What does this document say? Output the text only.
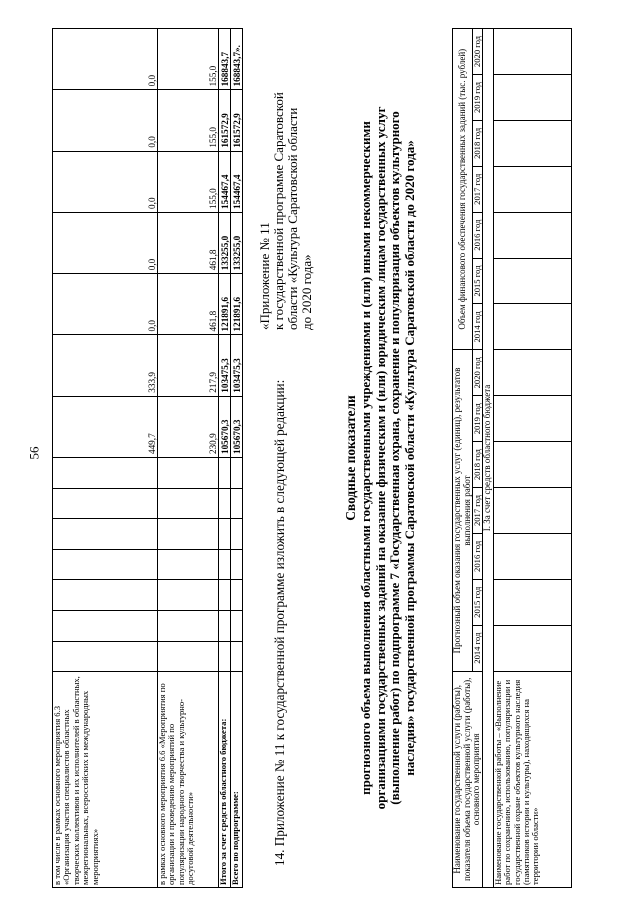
56
в том числе в рамках основного мероприятия 6.3 «Организация участия специалистов областных творческих коллективов и их исполнителей в областных, межрегиональных, всероссийских и международных мероприятиях»								449,7	333,9	0,0	0,0	0,0	0,0	0,0
в рамках основного мероприятия 6.6 «Мероприятия по организации и проведению мероприятий по популяризации народного творчества и культурно-досуговой деятельности»								230,9	217,9	461,8	461,8	155,0	155,0	155,0
Итого за счет средств областного бюджета:								105670,3	103475,3	121891,6	133255,0	154467,4	161572,9	168843,7
Всего по подпрограмме:								105670,3	103475,3	121891,6	133255,0	154467,4	161572,9	168843,7».
14. Приложение № 11 к государственной программе изложить в следующей редакции:
«Приложение № 11 к государственной программе Саратовской области «Культура Саратовской области до 2020 года»
Сводные показатели прогнозного объема выполнения областными государственными учреждениями и (или) иными некоммерческими организациями государственных заданий на оказание физическим и (или) юридическим лицам государственных услуг (выполнение работ) по подпрограмме 7 «Государственная охрана, сохранение и популяризация объектов культурного наследия» государственной программы Саратовской области «Культура Саратовской области до 2020 года»
Наименование государственной услуги (работы), показателя объема государственной услуги (работы), основного мероприятия	Прогнозный объем оказания государственных услуг (единиц), результатов выполнения работ							Объем финансового обеспечения государственных заданий (тыс. рублей)						
	2014 год	2015 год	2016 год	2017 год	2018 год	2019 год	2020 год	2014 год	2015 год	2016 год	2017 год	2018 год	2019 год	2020 год
I. За счет средств областного бюджета														
Наименование государственной работы – «Выполнение работ по сохранению, использованию, популяризации и государственной охране объектов культурного наследия (памятников истории и культуры), находящихся на территории области»														
